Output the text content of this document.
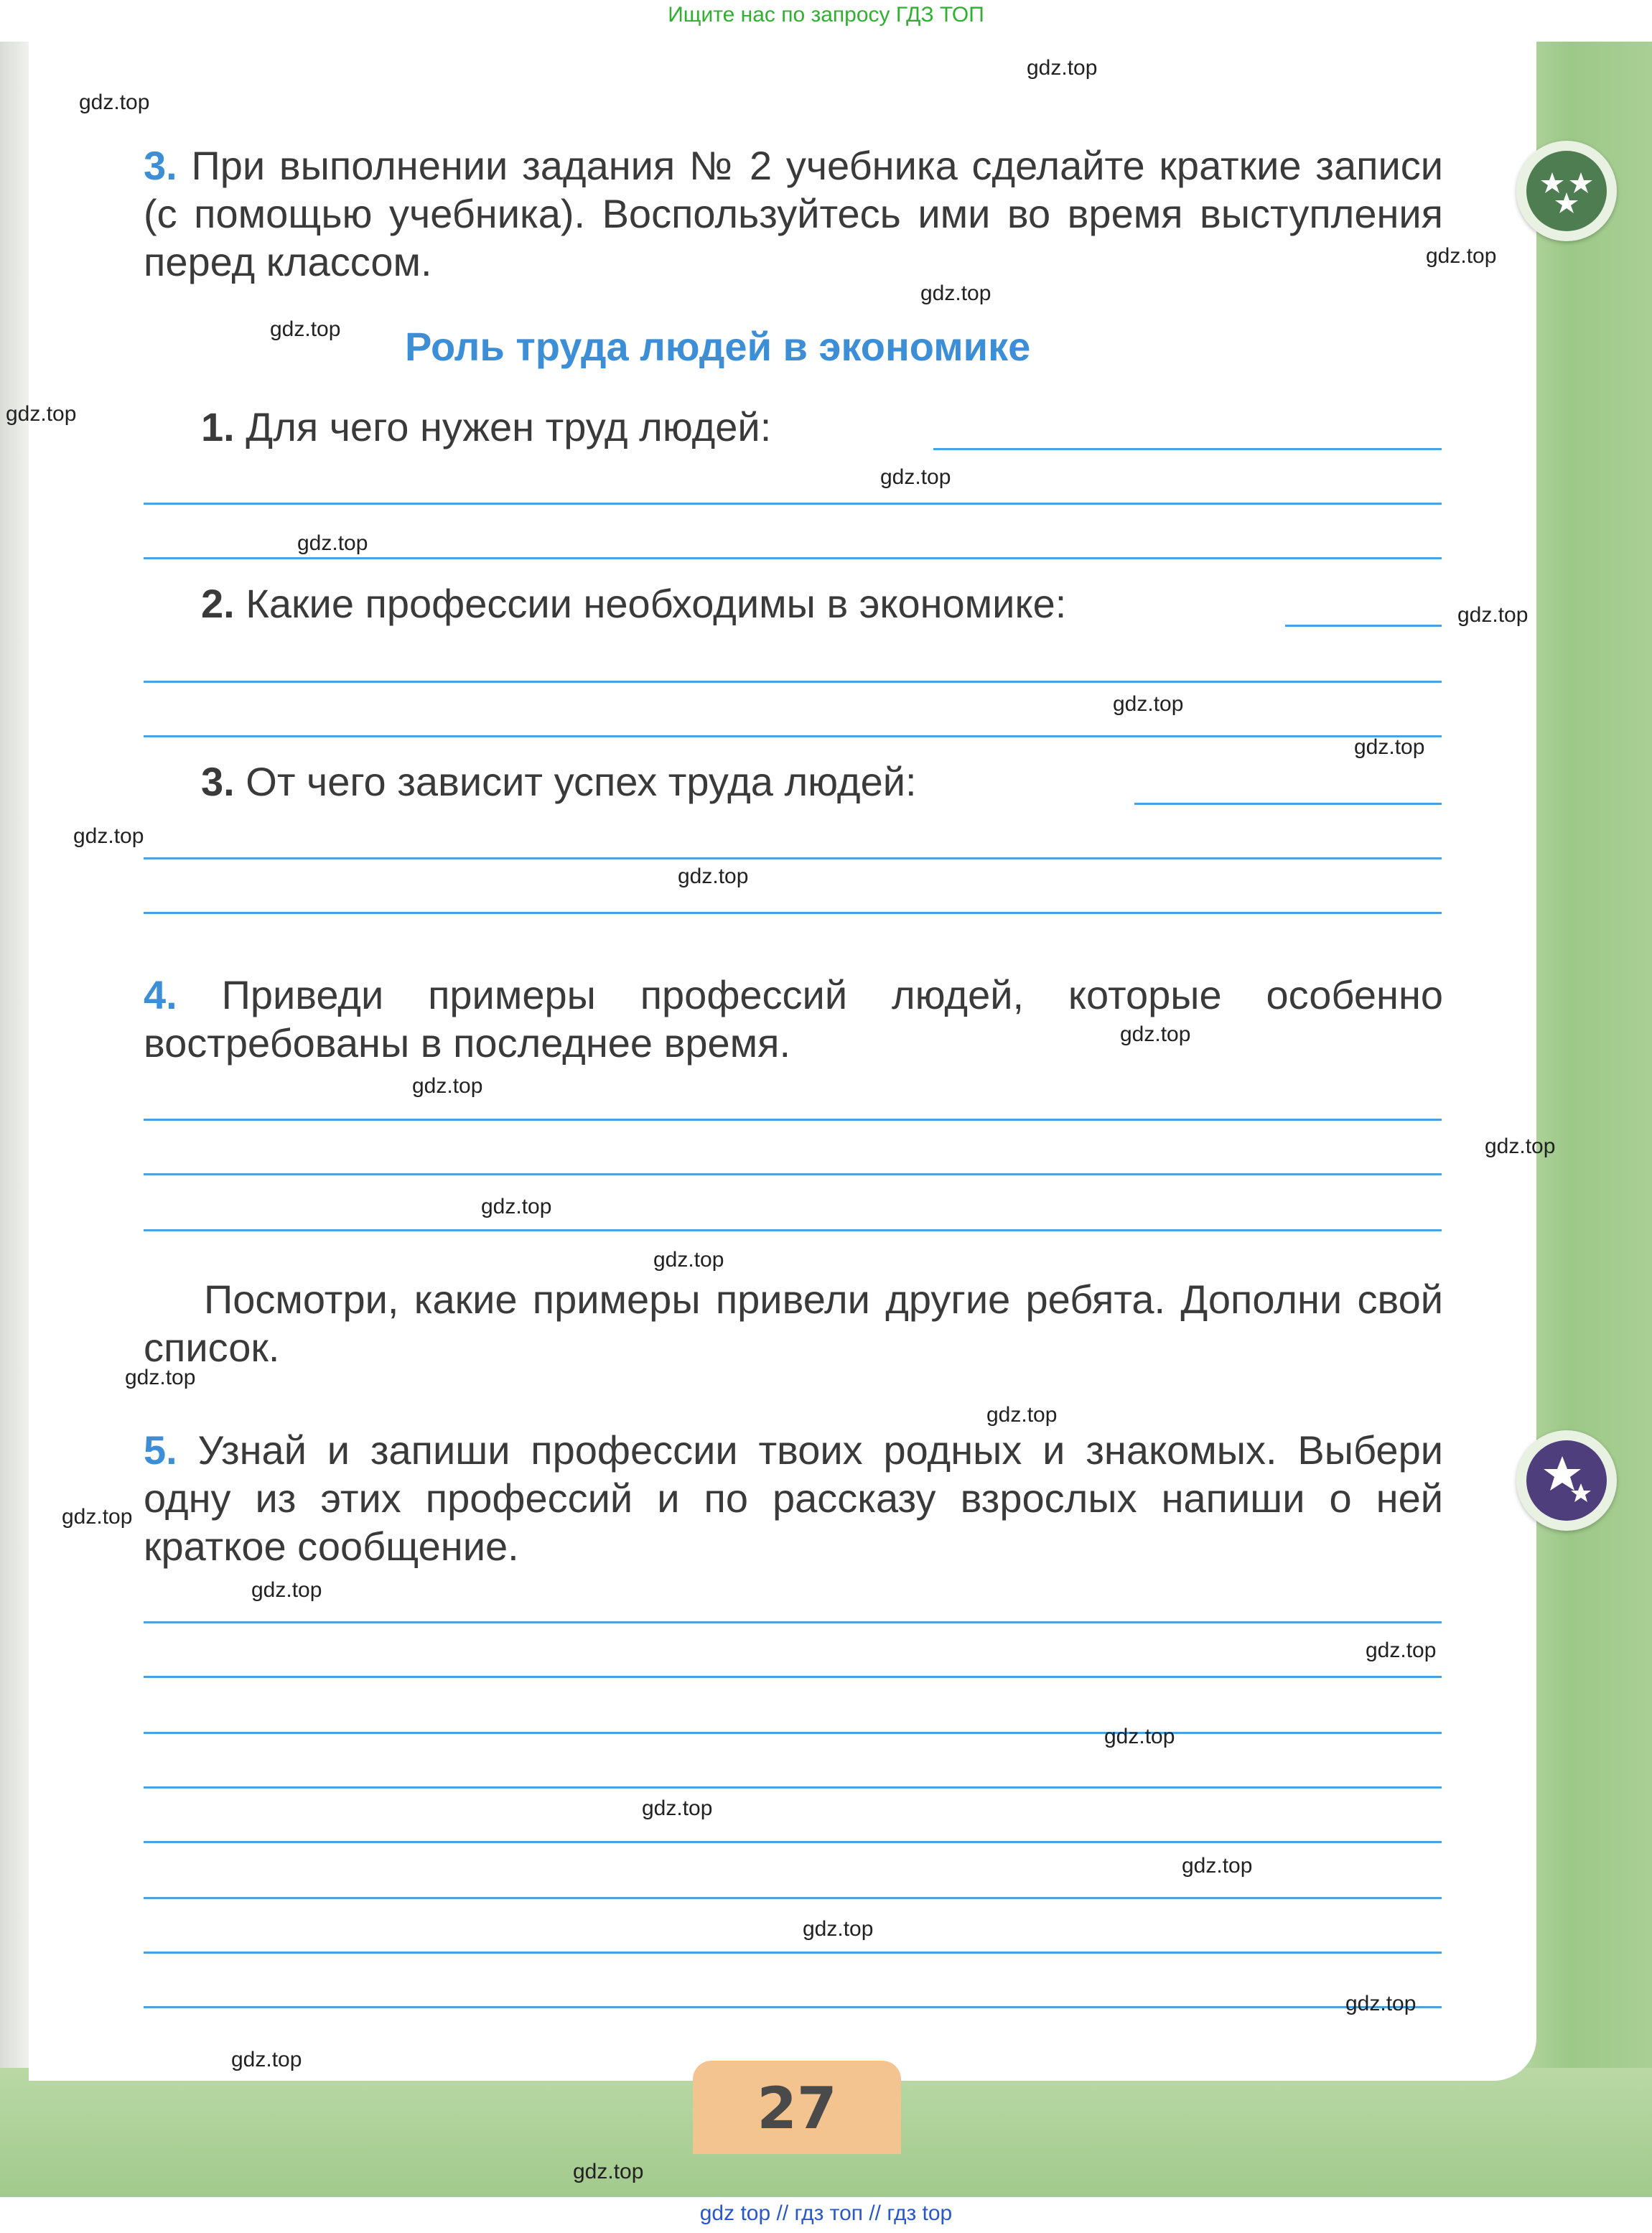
Ищите нас по запросу ГДЗ ТОП
3. При выполнении задания № 2 учебника сделайте краткие записи (с помощью учебника). Воспользуйтесь ими во время выступления перед классом.
Роль труда людей в экономике
1. Для чего нужен труд людей:
2. Какие профессии необходимы в экономике:
3. От чего зависит успех труда людей:
4. Приведи примеры профессий людей, которые особенно востребованы в последнее время.
Посмотри, какие примеры привели другие ребята. Дополни свой список.
5. Узнай и запиши профессии твоих родных и знакомых. Выбери одну из этих профессий и по рассказу взрослых напиши о ней краткое сообщение.
27
gdz.top
gdz.top
gdz.top
gdz.top
gdz.top
gdz.top
gdz.top
gdz.top
gdz.top
gdz.top
gdz.top
gdz.top
gdz.top
gdz.top
gdz.top
gdz.top
gdz.top
gdz.top
gdz.top
gdz.top
gdz.top
gdz.top
gdz.top
gdz.top
gdz.top
gdz.top
gdz.top
gdz.top
gdz.top
gdz.top
gdz top // гдз топ // гдз top
